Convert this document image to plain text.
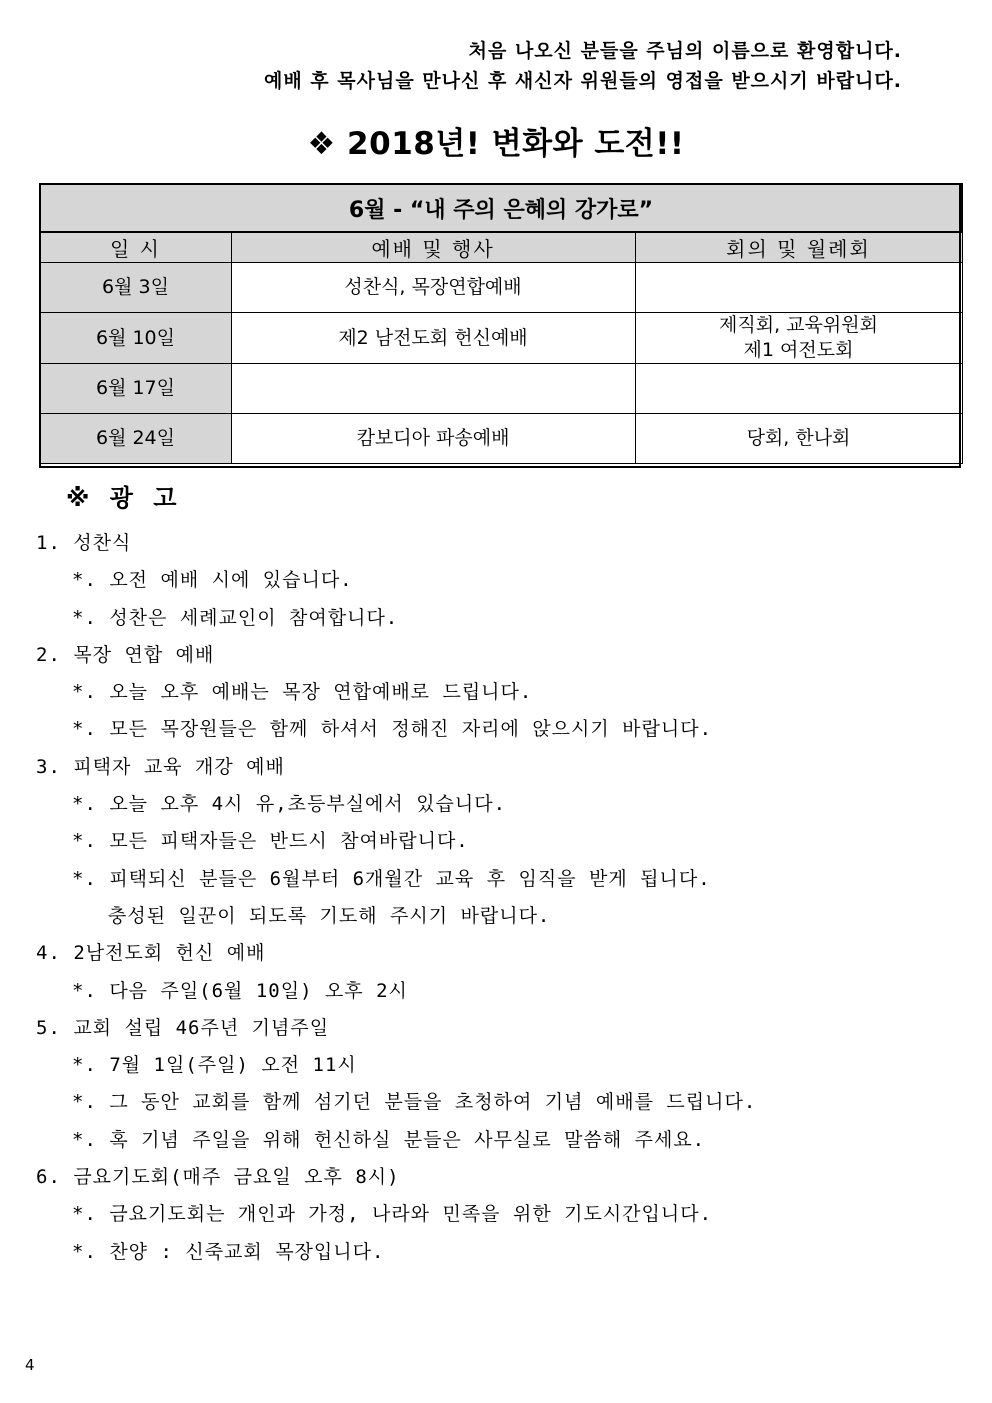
처음 나오신 분들을 주님의 이름으로 환영합니다.
예배 후 목사님을 만나신 후 새신자 위원들의 영접을 받으시기 바랍니다.
❖ 2018년! 변화와 도전!!
6월 - “내 주의 은혜의 강가로”		
일 시	예배 및 행사	회의 및 월례회
6월 3일	성찬식, 목장연합예배	

6월 10일	제2 남전도회 헌신예배	제직회, 교육위원회
제1 여전도회

6월 17일		
6월 24일	캄보디아 파송예배	당회, 한나회
※ 광 고
1. 성찬식
*. 오전 예배 시에 있습니다.
*. 성찬은 세례교인이 참여합니다.
2. 목장 연합 예배
*. 오늘 오후 예배는 목장 연합예배로 드립니다.
*. 모든 목장원들은 함께 하셔서 정해진 자리에 앉으시기 바랍니다.
3. 피택자 교육 개강 예배
*. 오늘 오후 4시 유,초등부실에서 있습니다.
*. 모든 피택자들은 반드시 참여바랍니다.
*. 피택되신 분들은 6월부터 6개월간 교육 후 임직을 받게 됩니다.
충성된 일꾼이 되도록 기도해 주시기 바랍니다.
4. 2남전도회 헌신 예배
*. 다음 주일(6월 10일) 오후 2시
5. 교회 설립 46주년 기념주일
*. 7월 1일(주일) 오전 11시
*. 그 동안 교회를 함께 섬기던 분들을 초청하여 기념 예배를 드립니다.
*. 혹 기념 주일을 위해 헌신하실 분들은 사무실로 말씀해 주세요.
6. 금요기도회(매주 금요일 오후 8시)
*. 금요기도회는 개인과 가정, 나라와 민족을 위한 기도시간입니다.
*. 찬양 : 신죽교회 목장입니다.
4
